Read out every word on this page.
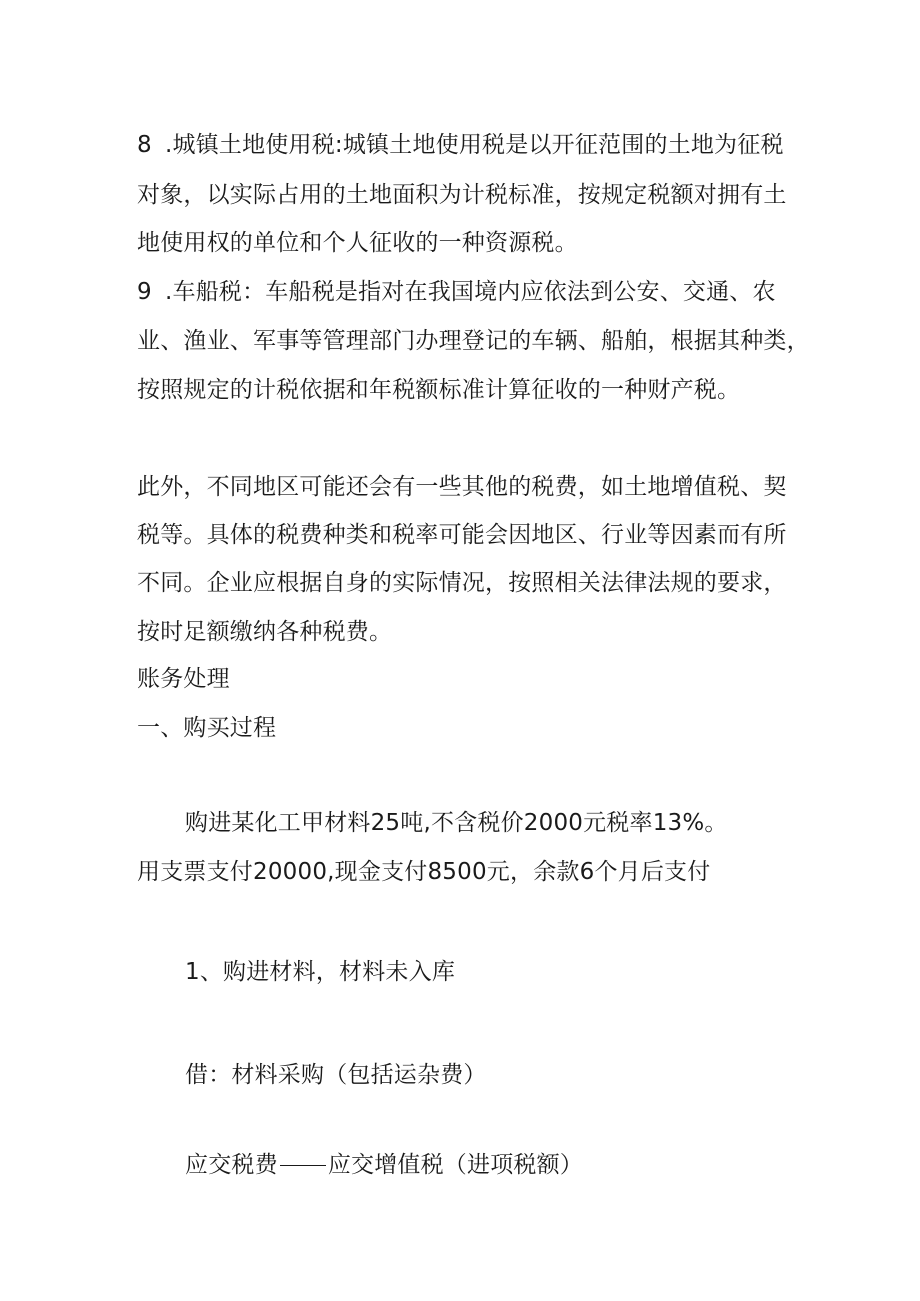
8 .城镇土地使用税:城镇土地使用税是以开征范围的土地为征税
对象，以实际占用的土地面积为计税标准，按规定税额对拥有土
地使用权的单位和个人征收的一种资源税。
9 .车船税：车船税是指对在我国境内应依法到公安、交通、农
业、渔业、军事等管理部门办理登记的车辆、船舶，根据其种类，
按照规定的计税依据和年税额标准计算征收的一种财产税。
此外，不同地区可能还会有一些其他的税费，如土地增值税、契
税等。具体的税费种类和税率可能会因地区、行业等因素而有所
不同。企业应根据自身的实际情况，按照相关法律法规的要求，
按时足额缴纳各种税费。
账务处理
一、购买过程
购进某化工甲材料25吨,不含税价2000元税率13%。
用支票支付20000,现金支付8500元，余款6个月后支付
1、购进材料，材料未入库
借：材料采购（包括运杂费）
应交税费 应交增值税（进项税额）
